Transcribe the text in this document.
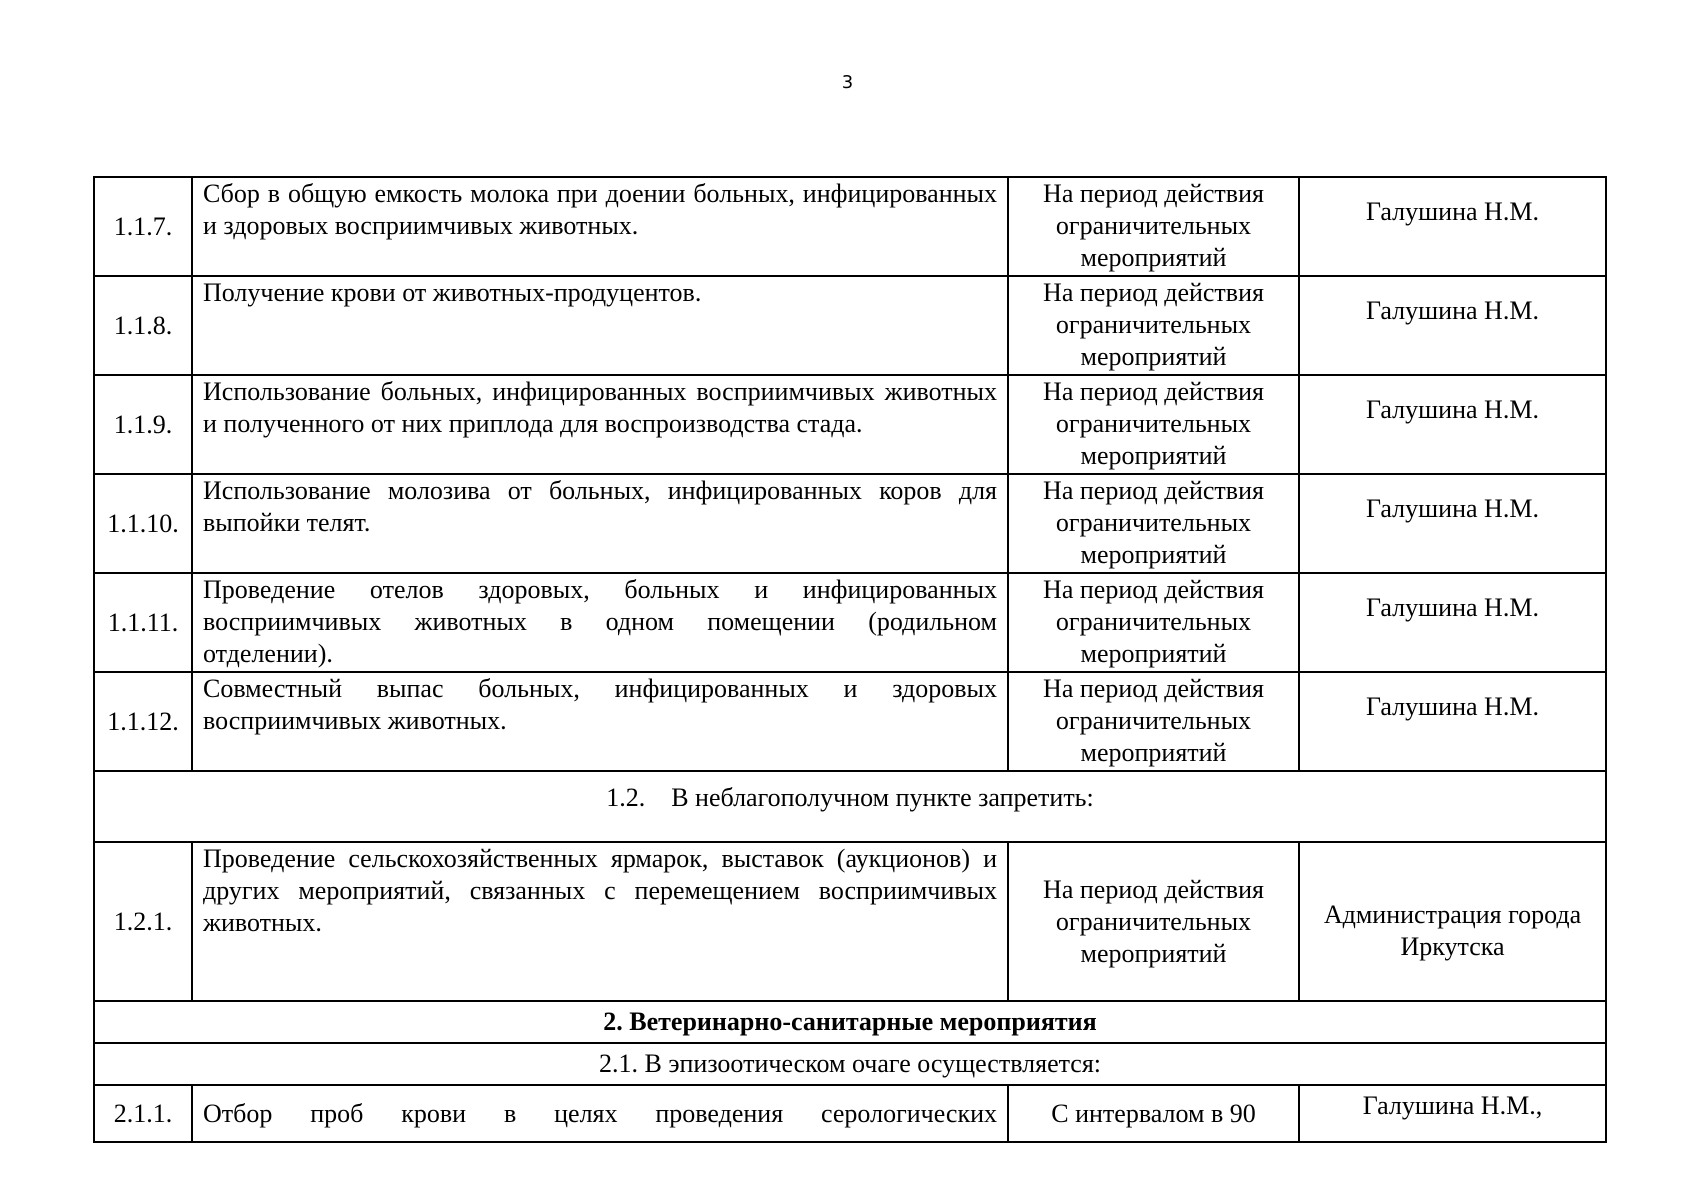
3
1.1.7.	Сбор в общую емкость молока при доении больных, инфицированных и здоровых восприимчивых животных.	На период действия ограничительных мероприятий	Галушина Н.М.
1.1.8.	Получение крови от животных-продуцентов.	На период действия ограничительных мероприятий	Галушина Н.М.
1.1.9.	Использование больных, инфицированных восприимчивых животных и полученного от них приплода для воспроизводства стада.	На период действия ограничительных мероприятий	Галушина Н.М.
1.1.10.	Использование молозива от больных, инфицированных коров для выпойки телят.	На период действия ограничительных мероприятий	Галушина Н.М.
1.1.11.	Проведение отелов здоровых, больных и инфицированных восприимчивых животных в одном помещении (родильном отделении).	На период действия ограничительных мероприятий	Галушина Н.М.
1.1.12.	Совместный выпас больных, инфицированных и здоровых восприимчивых животных.	На период действия ограничительных мероприятий	Галушина Н.М.
1.2. В неблагополучном пункте запретить:			
1.2.1.	Проведение сельскохозяйственных ярмарок, выставок (аукционов) и других мероприятий, связанных с перемещением восприимчивых животных.	На период действия ограничительных мероприятий	Администрация города Иркутска
2. Ветеринарно-санитарные мероприятия			
2.1. В эпизоотическом очаге осуществляется:			
2.1.1.	Отбор проб крови в целях проведения серологических	С интервалом в 90	Галушина Н.М.,
